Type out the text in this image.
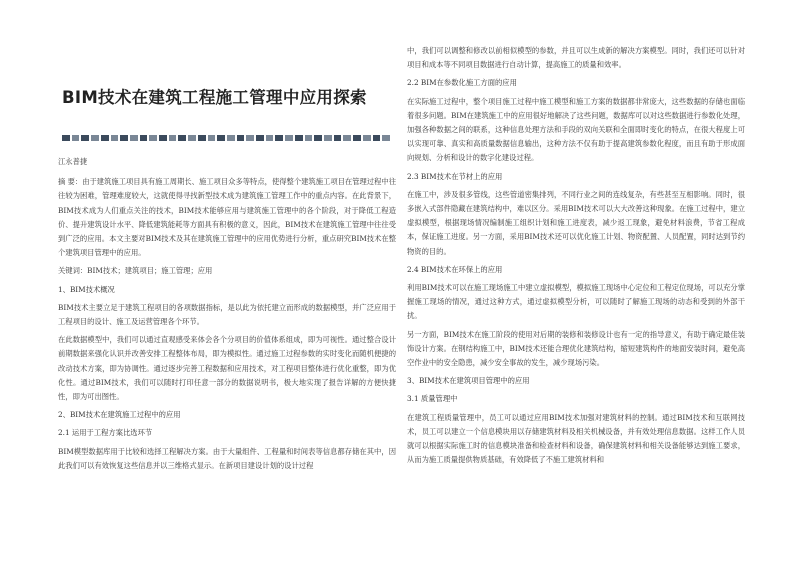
BIM技术在建筑工程施工管理中应用探索
江永普捷

摘 要：由于建筑施工项目具有施工周期长、施工项目众多等特点，使得整个建筑施工项目在管理过程中往往较为困难，管理难度较大，这就使得寻找新型技术成为建筑施工管理工作中的重点内容。在此背景下，BIM技术成为人们重点关注的技术，BIM技术能够应用与建筑施工管理中的各个阶段，对于降低工程造价、提升建筑设计水平、降低建筑能耗等方面具有积极的意义，因此，BIM技术在建筑施工管理中往往受到广泛的应用。本文主要对BIM技术及其在建筑施工管理中的应用优势进行分析，重点研究BIM技术在整个建筑项目管理中的应用。

关键词：BIM技术；建筑项目；施工管理；应用

1、BIM技术概况

BIM技术主要立足于建筑工程项目的各项数据指标，是以此为依托建立而形成的数据模型，并广泛应用于工程项目的设计、施工及运营管理各个环节。

在此数据模型中，我们可以通过直观感受来体会各个分项目的价值体系组成，即为可视性。通过整合设计前期数据来强化认识并改善安排工程整体布局，即为模拟性。通过施工过程参数的实时变化而随机便捷的改动技术方案，即为协调性。通过逐步完善工程数据和应用技术，对工程项目整体进行优化重整，即为优化性。通过BIM技术，我们可以随时打印任意一部分的数据说明书，极大地实现了报告详解的方便快捷性，即为可出图性。

2、BIM技术在建筑施工过程中的应用

2.1 运用于工程方案比选环节

BIM模型数据库用于比较和选择工程解决方案。由于大量组件、工程量和时间表等信息都存储在其中，因此我们可以有效恢复这些信息并以三维格式显示。在新项目建设计划的设计过程

中，我们可以调整和修改以前相似模型的参数，并且可以生成新的解决方案模型。同时，我们还可以针对项目和成本等不同项目数据进行自动计算，提高施工的质量和效率。

2.2 BIM在参数化施工方面的应用

在实际施工过程中，整个项目施工过程中施工模型和施工方案的数据都非常庞大，这些数据的存储也面临着很多问题。BIM在建筑施工中的应用很好地解决了这些问题，数据库可以对这些数据进行参数化处理，加强各种数据之间的联系，这种信息处理方法和手段的双向关联和全面即时变化的特点，在很大程度上可以实现可靠、真实和高质量数据信息输出，这种方法不仅有助于提高建筑参数化程度，而且有助于形成面向规划、分析和设计的数字化建设过程。

2.3 BIM技术在节材上的应用

在施工中，涉及很多管线，这些管道密集排列，不同行业之间的连线复杂，有些甚至互相影响。同时，很多嵌入式部件隐藏在建筑结构中，难以区分。采用BIM技术可以大大改善这种现象。在施工过程中，建立虚拟模型，根据现场情况编制施工组织计划和施工进度表，减少返工现象，避免材料浪费，节省工程成本，保证施工进度。另一方面，采用BIM技术还可以优化施工计划、物资配置、人员配置，同时达到节约物资的目的。

2.4 BIM技术在环保上的应用

利用BIM技术可以在施工现场施工中建立虚拟模型，模拟施工现场中心定位和工程定位现场，可以充分掌握施工现场的情况，通过这种方式，通过虚拟模型分析，可以随时了解施工现场的动态和受到的外部干扰。

另一方面，BIM技术在施工阶段的使用对后期的装修和装修设计也有一定的指导意义，有助于确定最佳装饰设计方案。在钢结构施工中，BIM技术还能合理优化建筑结构，缩短建筑构件的地面安装时间，避免高空作业中的安全隐患，减少安全事故的发生，减少现场污染。

3、BIM技术在建筑项目管理中的应用

3.1 质量管理中

在建筑工程质量管理中，员工可以通过应用BIM技术加强对建筑材料的控制。通过BIM技术和互联网技术，员工可以建立一个信息模块用以存储建筑材料及相关机械设备，并有效处理信息数据。这样工作人员就可以根据实际施工时的信息模块准备和检查材料和设备，确保建筑材料和相关设备能够达到施工要求，从而为施工质量提供物质基础，有效降低了不施工建筑材料和
